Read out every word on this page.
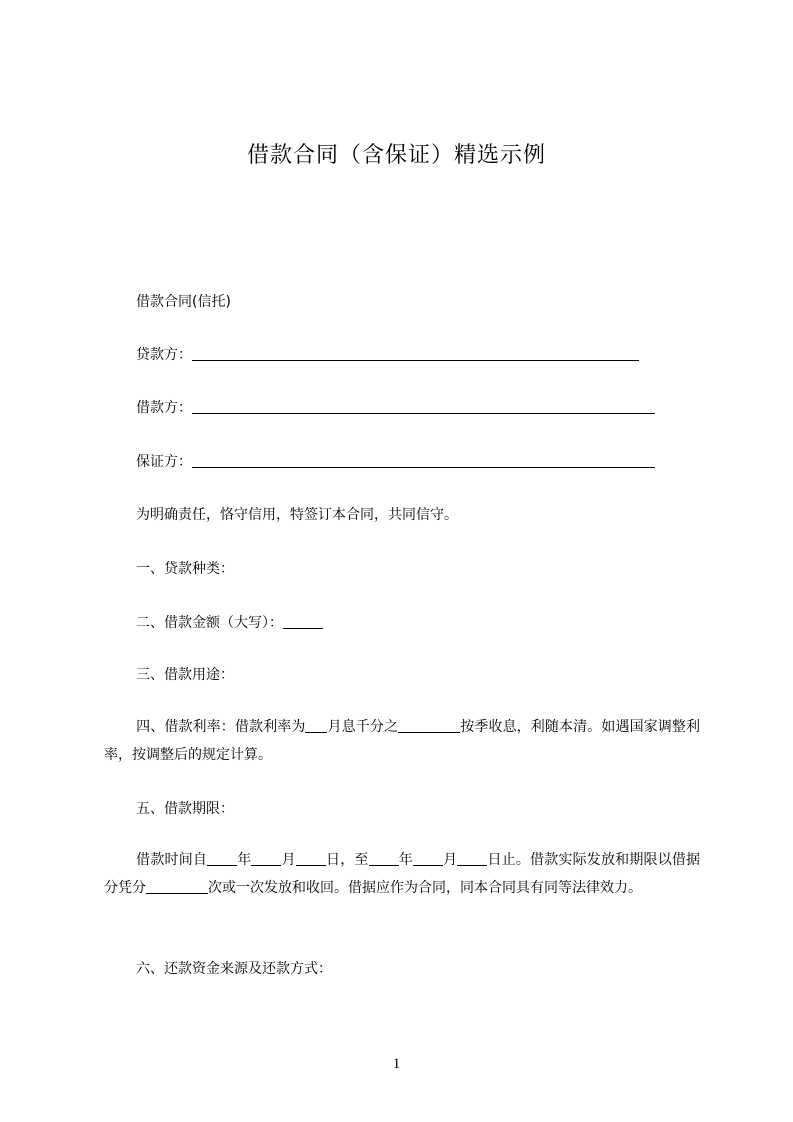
借款合同（含保证）精选示例
借款合同(信托)
贷款方：
借款方：
保证方：
为明确责任，恪守信用，特签订本合同，共同信守。
一、贷款种类：
二、借款金额（大写）：
三、借款用途：
四、借款利率：借款利率为 月息千分之	按季收息，利随本清。如遇国家调整利率，按调整后的规定计算。
五、借款期限：
借款时间自 年 月 日，至 年 月 日止。借款实际发放和期限以借据分凭分	次或一次发放和收回。借据应作为合同，同本合同具有同等法律效力。
六、还款资金来源及还款方式：
1
